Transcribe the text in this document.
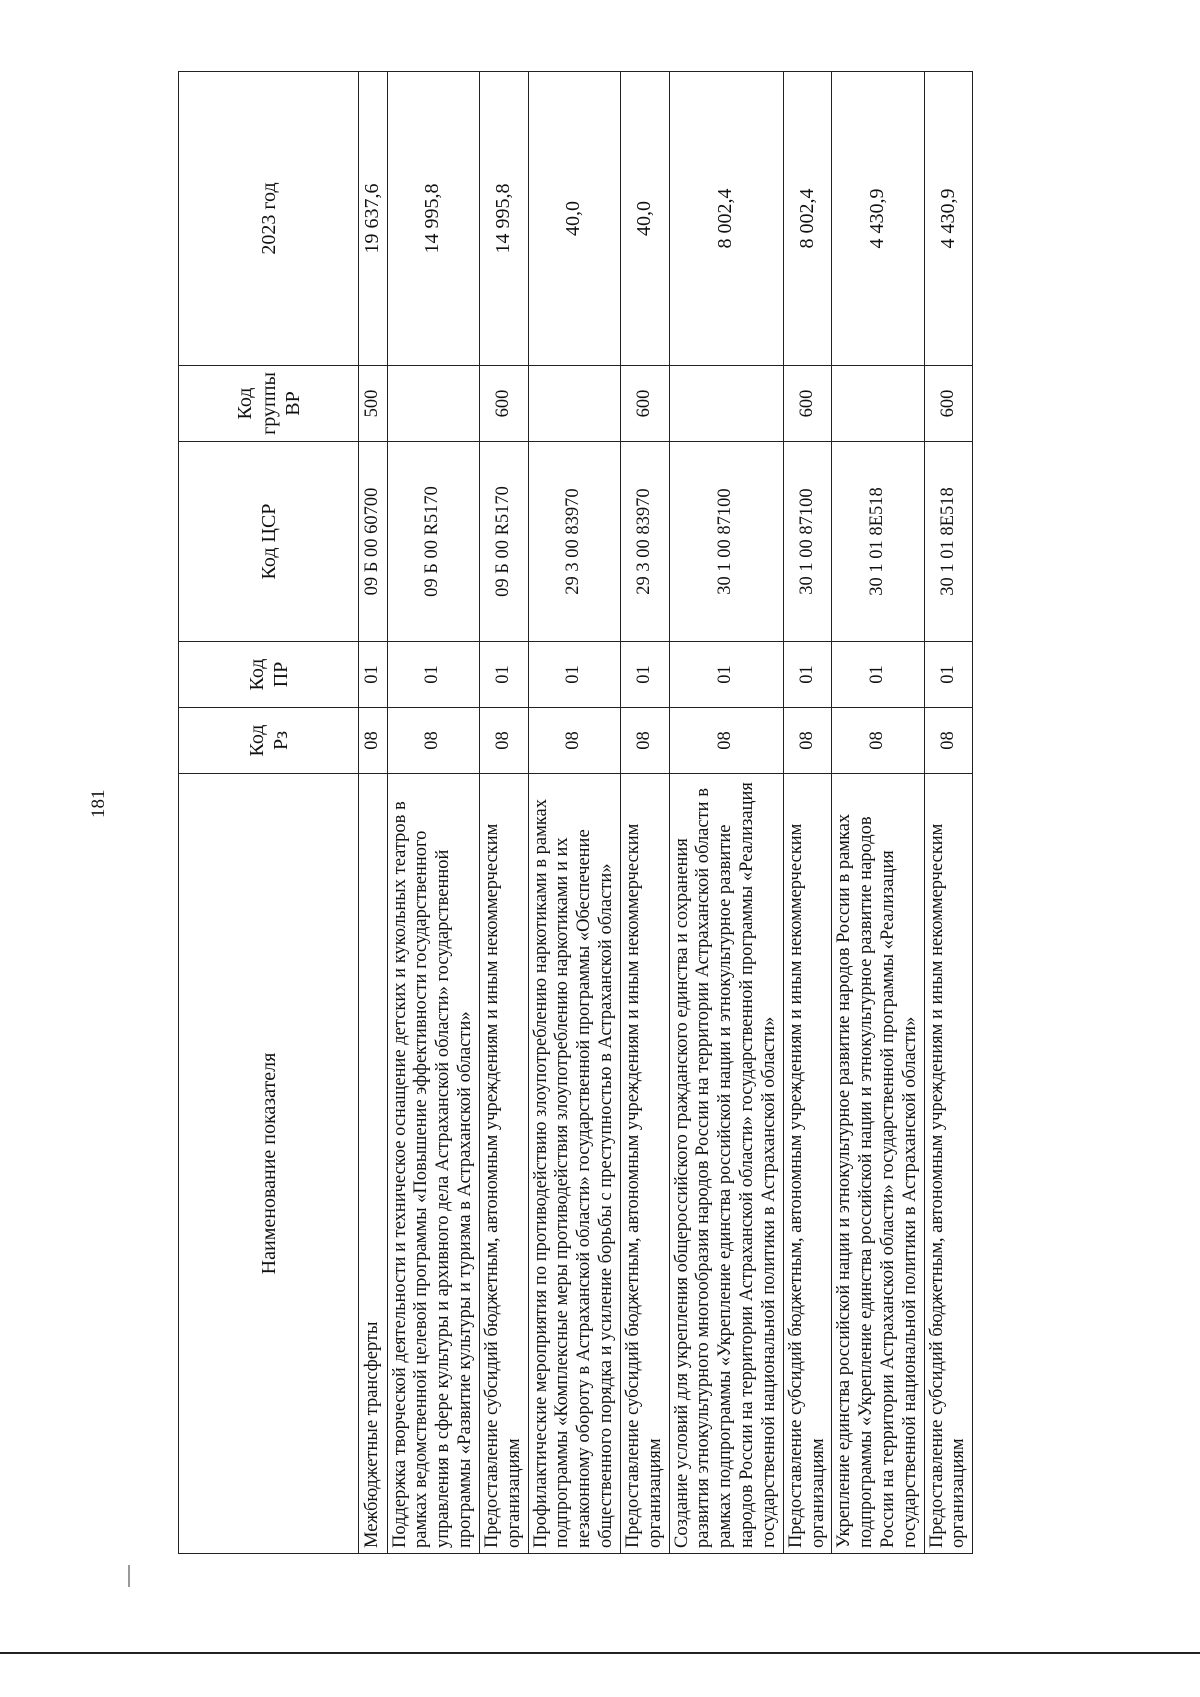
181
Наименование показателя	Код Рз	Код ПР	Код ЦСР	Код группы ВР	2023 год
Межбюджетные трансферты	08	01	09 Б 00 60700	500	19 637,6
Поддержка творческой деятельности и техническое оснащение детских и кукольных театров в рамках ведомственной целевой программы «Повышение эффективности государственного управления в сфере культуры и архивного дела Астраханской области» государственной программы «Развитие культуры и туризма в Астраханской области»	08	01	09 Б 00 R5170		14 995,8
Предоставление субсидий бюджетным, автономным учреждениям и иным некоммерческим организациям	08	01	09 Б 00 R5170	600	14 995,8
Профилактические мероприятия по противодействию злоупотреблению наркотиками в рамках подпрограммы «Комплексные меры противодействия злоупотреблению наркотиками и их незаконному обороту в Астраханской области» государственной программы «Обеспечение общественного порядка и усиление борьбы с преступностью в Астраханской области»	08	01	29 3 00 83970		40,0
Предоставление субсидий бюджетным, автономным учреждениям и иным некоммерческим организациям	08	01	29 3 00 83970	600	40,0
Создание условий для укрепления общероссийского гражданского единства и сохранения развития этнокультурного многообразия народов России на территории Астраханской области в рамках подпрограммы «Укрепление единства российской нации и этнокультурное развитие народов России на территории Астраханской области» государственной программы «Реализация государственной национальной политики в Астраханской области»	08	01	30 1 00 87100		8 002,4
Предоставление субсидий бюджетным, автономным учреждениям и иным некоммерческим организациям	08	01	30 1 00 87100	600	8 002,4
Укрепление единства российской нации и этнокультурное развитие народов России в рамках подпрограммы «Укрепление единства российской нации и этнокультурное развитие народов России на территории Астраханской области» государственной программы «Реализация государственной национальной политики в Астраханской области»	08	01	30 1 01 8Е518		4 430,9
Предоставление субсидий бюджетным, автономным учреждениям и иным некоммерческим организациям	08	01	30 1 01 8Е518	600	4 430,9
